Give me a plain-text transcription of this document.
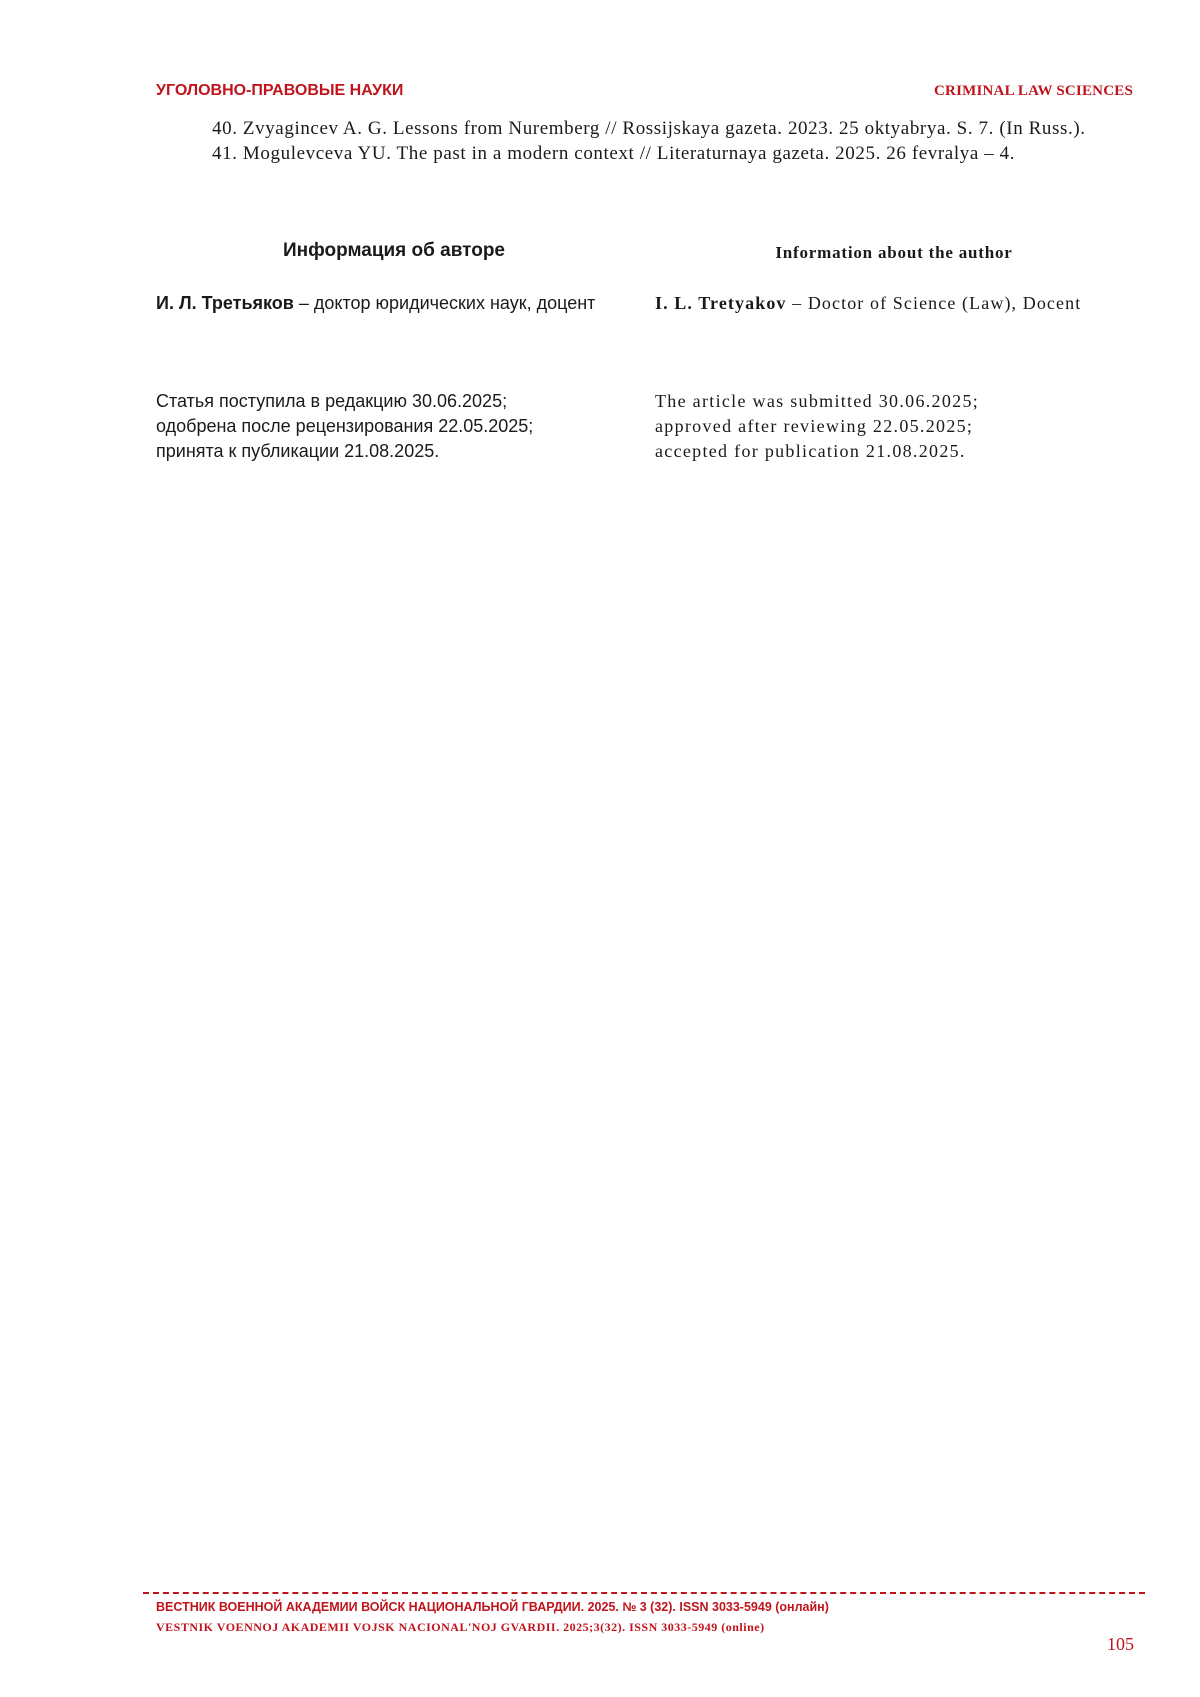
УГОЛОВНО-ПРАВОВЫЕ НАУКИ	CRIMINAL LAW SCIENCES

40. Zvyagincev A. G. Lessons from Nuremberg // Rossijskaya gazeta. 2023. 25 oktyabrya. S. 7. (In Russ.).

41. Mogulevceva YU. The past in a modern context // Literaturnaya gazeta. 2025. 26 fevralya – 4.

Информация об авторе	Information about the author
И. Л. Третьяков – доктор юридических наук, доцент	I. L. Tretyakov – Doctor of Science (Law), Docent
Статья поступила в редакцию 30.06.2025;
одобрена после рецензирования 22.05.2025;
принята к публикации 21.08.2025.
The article was submitted 30.06.2025;
approved after reviewing 22.05.2025;
accepted for publication 21.08.2025.
ВЕСТНИК ВОЕННОЙ АКАДЕМИИ ВОЙСК НАЦИОНАЛЬНОЙ ГВАРДИИ. 2025. № 3 (32). ISSN 3033-5949 (онлайн)
VESTNIK VOENNOJ AKADEMII VOJSK NACIONAL'NOJ GVARDII. 2025;3(32). ISSN 3033-5949 (online)
105
